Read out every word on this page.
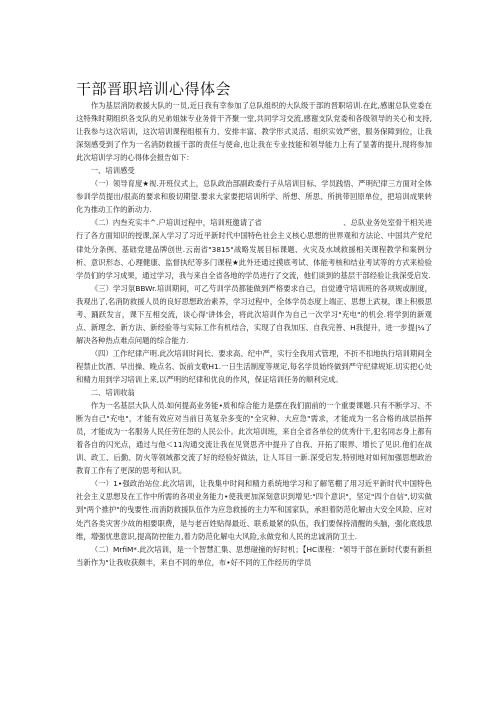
干部晋职培训心得体会

作为基层消防救援大队的一员,近日我有幸参加了总队组织的大队级干部的晋职培训.在此,感谢总队党委在这特殊时期组织各支队的兄弟姐妹专业务骨干齐聚一堂,共同学习交流,感谢支队党委和各级领导的关心和支持,让我参与这次培训，这次培训课程组根有力、安排丰富、教学形式灵活、组织实效严密，服务保障到位，让我深刻感受到了作为一名消防救援干部的责任与使命,也让我在专业技能和领导能力上有了显著的提升,现将参加此次培训学习的心得体会报告如下：

一、培训感受

（一）领导育度★视.开班仪式上，总队政治部副政委行子从培训目标、学员践悟、严明纪律三方面对全体参训学员提出/很高的要求和殷切期望.要求大家要把培训所学、所想、所思、所挑带回原单位，把培训成果转化为推动工作的新动力.

《二）内叁充实丰^.户培训过程中，培训班邀请了省　　　　　　　　　　　、总队业务处室骨干相关进行了各方面知识的授课,深入学习了习近平新时代中国特色社会主义核心思想的世界观和方法论、中国共产党纪律处分条例、基础党建品牌创世.云南省"3815"战略发展目标课题、火灾及水域救援相关课程教学和案例分析、意识形态、心理健康、监督执纪等多门课程★此外还通过摸底考试、体能考核和结业考试等的方式来检验学员们的学习成果，通过学习，我与来自全省各地的学员进行了交流，他们谈到的基层干部经验让我深受启发.

《三）学习氛BBWr.培训期间，可乙芍训学员都能做到严格要求自己，自觉遵守培训班的各项规或制度，我观出了,名消防救援人员的良好思想政治素养，学习过程中，全体学员态度上端正、思想上武视，课上积极思考、踊跃发言，课下互相交流，谈心得'讲体会，将此次培训作为自己一次学习"充电"的机会.将学到的新观点、新理念、新方法、新经验等与实际工作有机结合，实现了自我加压、自我完善、H我提升，进一步提|¼了解决各种热点难点问题的综合能力.

（四）工作纪律产明.此次培训时间长、要求高、纪中严，实行全我用式管理，不折不扣地执行培训期间全程禁止饮酒、早出操、晚点名、饭前支歌H1.一日生活制度等规定,每名学员始终做到严守纪律规矩.切实把心处和精力用到学习培训上来,以严明的纪律和优良的作风，保证培训任务的顺利完成。

二、培训收翁

作为一名基层大队人员.如何提高业务能•质和综合能力是摆在我们面前的一个重要课题.只有不断学习、不断为自己"充电"，才能有效应对当前日英复杂多变的"全灾种、大应急"需求，才能成为一名合格的战层指挥员，才能成为一名服务人民任劳任怨的人民公仆。此次培训班，来自全省各单位的优秀什干,犯名同志身上都有着各自的闪光点，通过与他＜11沟通交流让我在见贤思齐中提升了自我、开拓了眼界、增长了见识.他们在战训、政工、后勤、防火等领域都交流了好的经验好做法，让人耳目一新.深受启发,特别地对如何加强思想政治教育工作有了更深的思考和认识。

（一）1•强政治站位.此次培训，让我集中时间和精力系统地学习和了解笔棚了用习近平新时代中国特色社会主义思想及在工作中所需的各项业务能力•使我更加深刻意识到增见:"四个意识"，坚定"四个自信",切实做到"两个推护"的曳要性.而消防救援队伍作为应急救援的主力军和国家队，承担着防范化解由大安全风险、应对处汽各类灾害少故的相要职费，是与老百姓贴得最近、联系最紧的队伍，我们要保持清醒的头脑，强化底线思维，增强忧患意识,提高防控能力,着力防范化解屯大风险,永做党和人民的忠诚消防卫士.

（二）MrfiM*.此次培训，是一个智慧汇集、思想碰撞的好时机；【HC课程："领导干部在新时代要有新担当新作为"让我收获颇丰，来自不同的单位，布•好不同的工作经历的学员
